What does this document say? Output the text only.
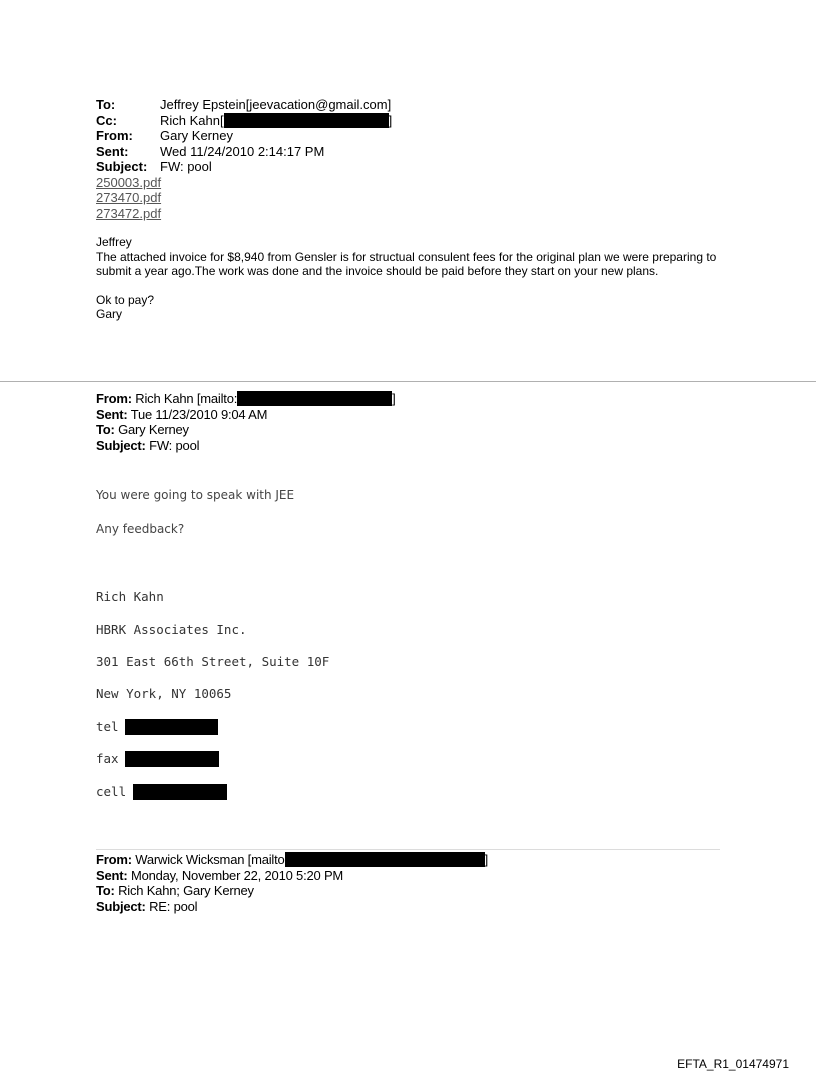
To:	Jeffrey Epstein[jeevacation@gmail.com]
Cc:	Rich Kahn[	]
From:	Gary Kerney
Sent:	Wed 11/24/2010 2:14:17 PM
Subject: FW: pool
250003.pdf
273470.pdf
273472.pdf
Jeffrey
The attached invoice for $8,940 from Gensler is for structual consulent fees for the original plan we were preparing to submit a year ago.The work was done and the invoice should be paid before they start on your new plans.
Ok to pay?
Gary
From: Rich Kahn [mailto:	]
Sent: Tue 11/23/2010 9:04 AM
To: Gary Kerney
Subject: FW: pool
You were going to speak with JEE
Any feedback?
Rich Kahn
HBRK Associates Inc.
301 East 66th Street, Suite 10F
New York, NY 10065
tel
fax
cell
From: Warwick Wicksman [mailto	]
Sent: Monday, November 22, 2010 5:20 PM
To: Rich Kahn; Gary Kerney
Subject: RE: pool
EFTA_R1_01474971
